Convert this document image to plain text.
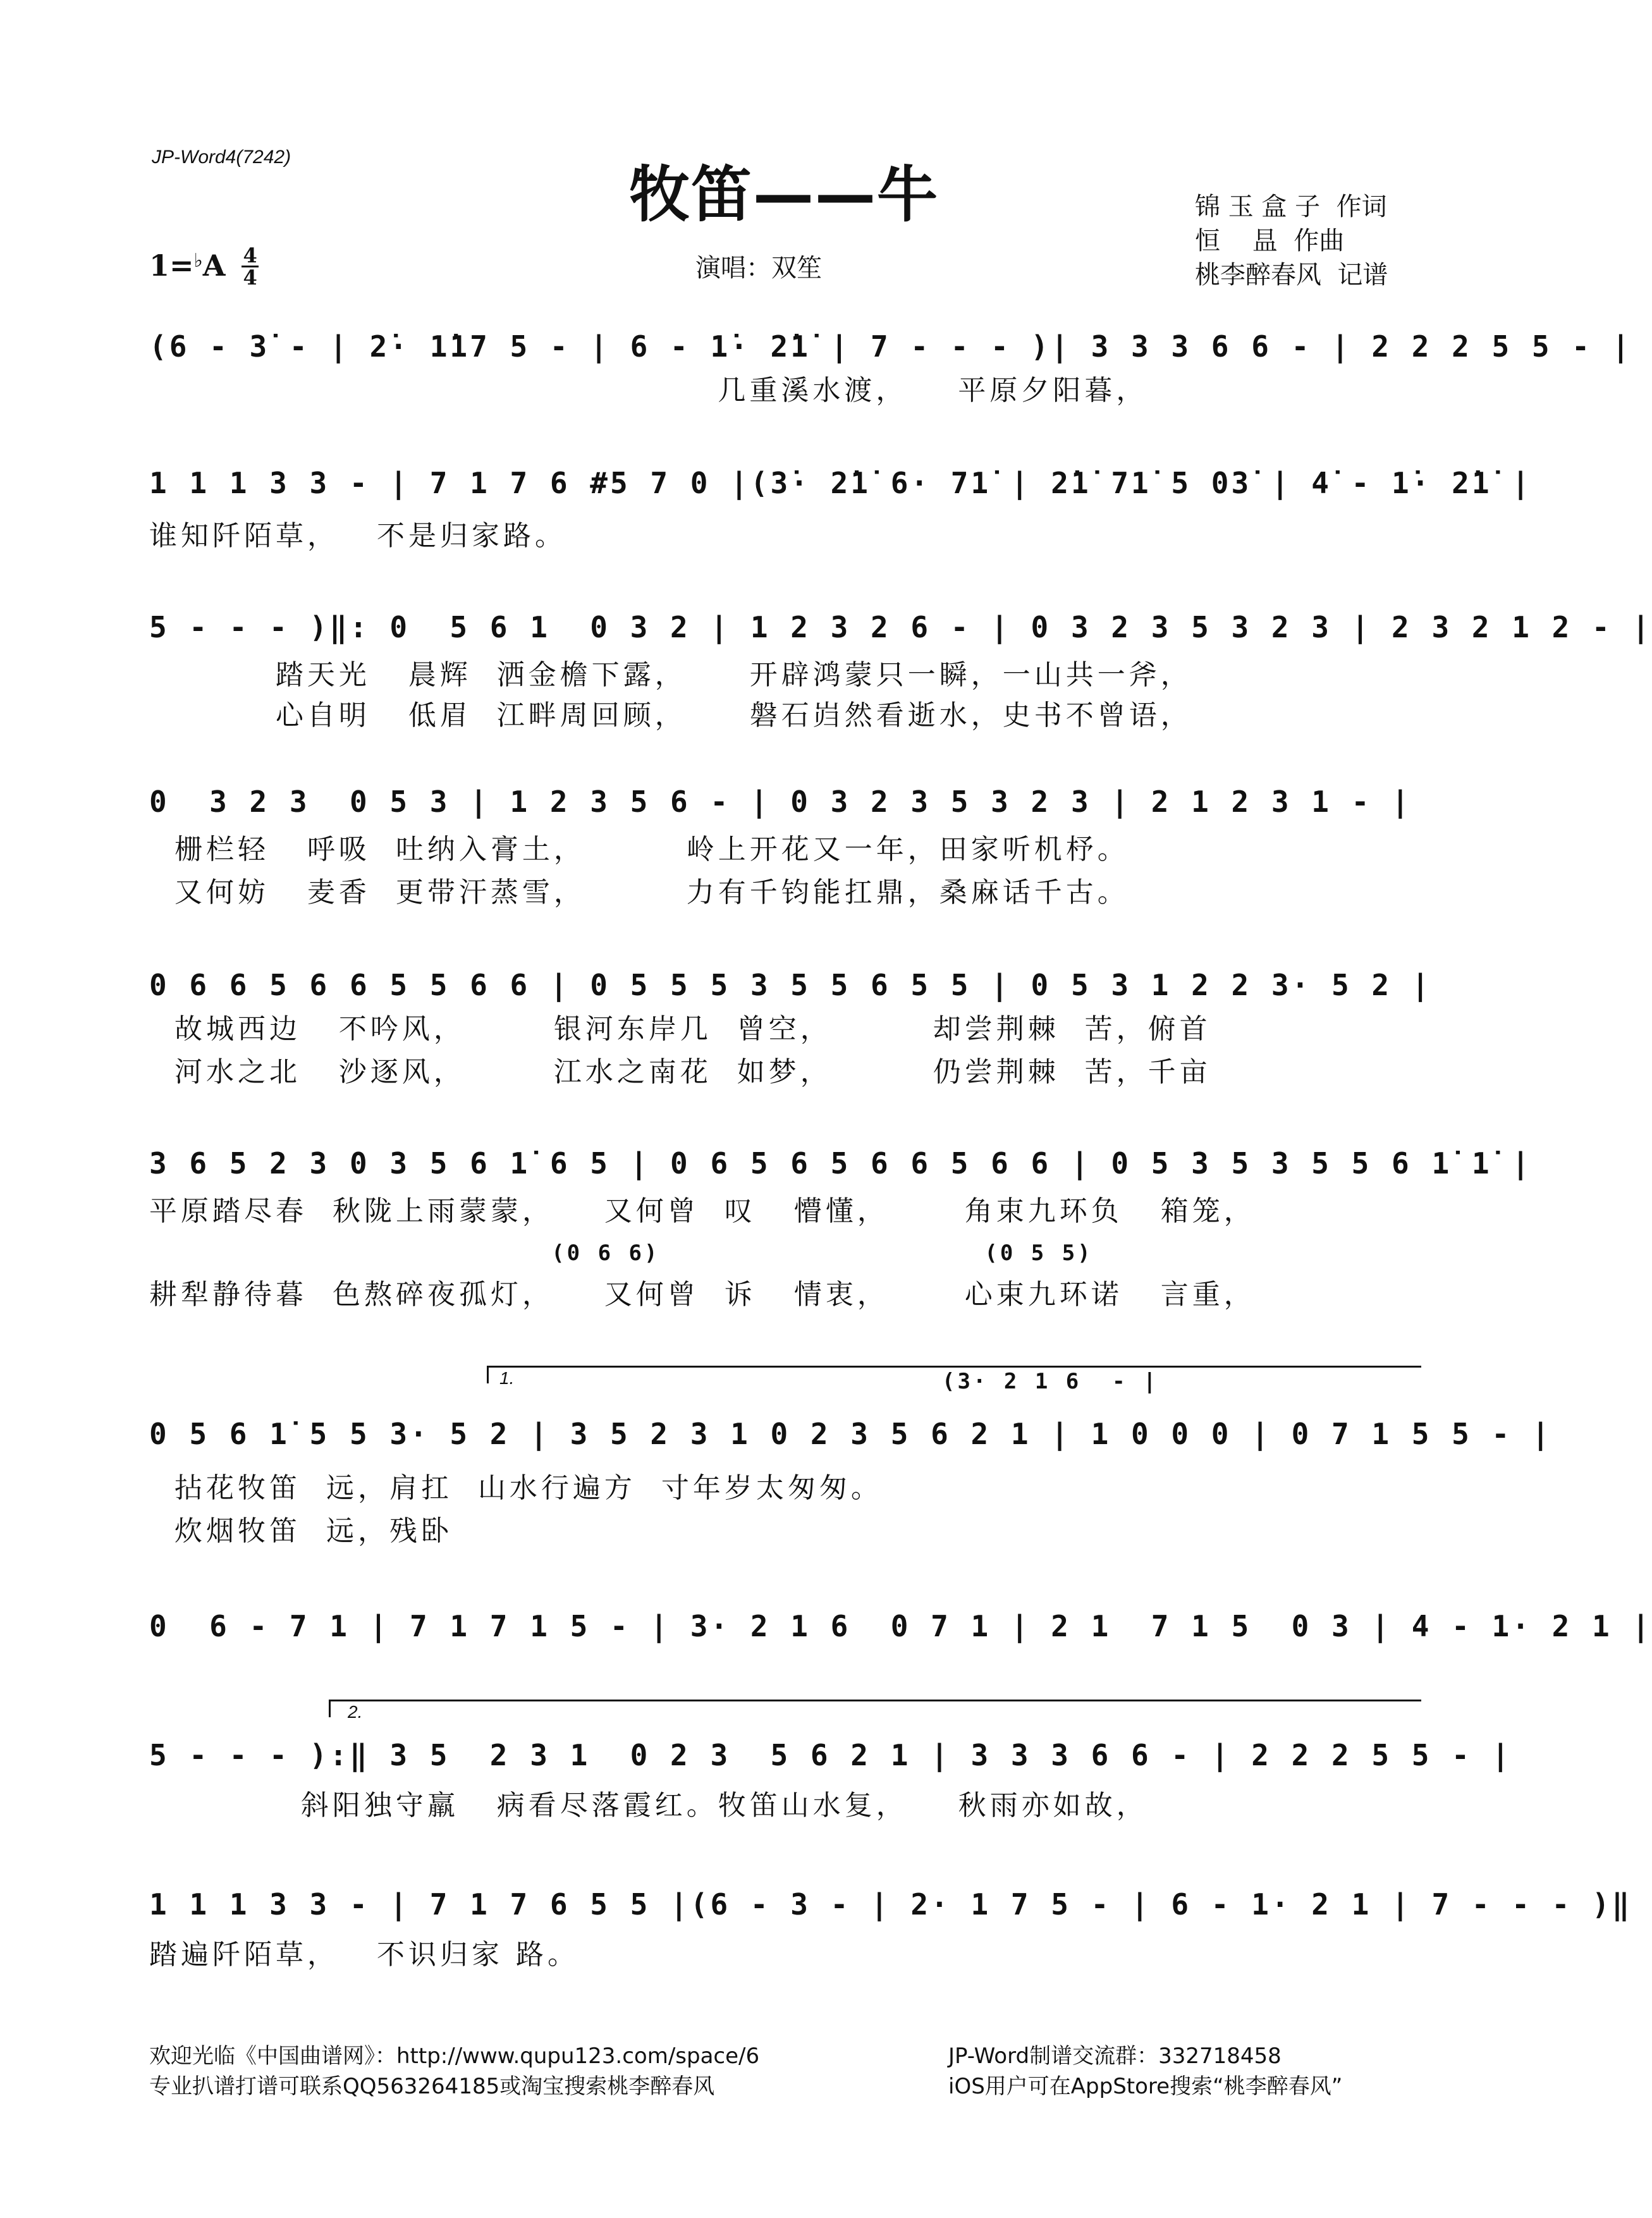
JP-Word4(7242)
牧笛——牛	锦 玉 盒 子  作词
恒    昷  作曲
桃李醉春风  记谱
$1=^♭A \frac{4}{4}$	演唱：双笙
(6 - 3̇ - | 2̇· 1̇17 5 - | 6 - 1̇· 2̇1̇ | 7 - - - )| 3 3 3 6 6 - | 2 2 2 5 5 - |
几重溪水渡，    平原夕阳暮，
1 1 1 3 3 - | 7 1 7 6 #5 7 0 |(3̇· 2̇1̇ 6· 71̇ | 2̇1̇ 71̇ 5 03̇ | 4̇ - 1̇· 2̇1̇ |
谁知阡陌草，   不是归家路。
5 - - - )‖: 0  5 6 1  0 3 2 | 1 2 3 2 6 - | 0 3 2 3 5 3 2 3 | 2 3 2 1 2 - |
踏天光   晨辉  洒金檐下露，     开辟鸿蒙只一瞬，一山共一斧，
心自明   低眉  江畔周回顾，     磐石岿然看逝水，史书不曾语，
0  3 2 3  0 5 3 | 1 2 3 5 6 - | 0 3 2 3 5 3 2 3 | 2 1 2 3 1 - |
栅栏轻   呼吸  吐纳入膏土，        岭上开花又一年，田家听机杼。
又何妨   麦香  更带汗蒸雪，        力有千钧能扛鼎，桑麻话千古。
0 6 6 5 6 6 5 5 6 6 | 0 5 5 5 3 5 5 6 5 5 | 0 5 3 1 2 2 3· 5 2 |
故城西边   不吟风，       银河东岸几  曾空，        却尝荆棘  苦，俯首
河水之北   沙逐风，       江水之南花  如梦，        仍尝荆棘  苦，千亩
3 6 5 2 3 0 3 5 6 1̇ 6 5 | 0 6 5 6 5 6 6 5 6 6 | 0 5 3 5 3 5 5 6 1̇ 1̇ |
平原踏尽春  秋陇上雨蒙蒙，    又何曾  叹   懵懂，      角束九环负   箱笼，
(0 6 6)                     (0 5 5)
耕犁静待暮  色熬碎夜孤灯，    又何曾  诉   情衷，      心束九环诺   言重，
1.	(3· 2 1 6  - |
0 5 6 1̇ 5 5 3· 5 2 | 3 5 2 3 1 0 2 3 5 6 2 1 | 1 0 0 0 | 0 7 1 5 5 - |
拈花牧笛  远，肩扛  山水行遍方  寸年岁太匆匆。
炊烟牧笛  远，残卧
0  6 - 7 1 | 7 1 7 1 5 - | 3· 2 1 6  0 7 1 | 2 1  7 1 5  0 3 | 4 - 1· 2 1 |
2.
5 - - - ):‖ 3 5  2 3 1  0 2 3  5 6 2 1 | 3 3 3 6 6 - | 2 2 2 5 5 - |
斜阳独守羸   病看尽落霞红。牧笛山水复，    秋雨亦如故，
1 1 1 3 3 - | 7 1 7 6 5 5 |(6 - 3 - | 2· 1 7 5 - | 6 - 1· 2 1 | 7 - - - )‖
踏遍阡陌草，   不识归家 路。
欢迎光临《中国曲谱网》：http://www.qupu123.com/space/6
专业扒谱打谱可联系QQ563264185或淘宝搜索桃李醉春风
JP-Word制谱交流群：332718458
iOS用户可在AppStore搜索“桃李醉春风”
